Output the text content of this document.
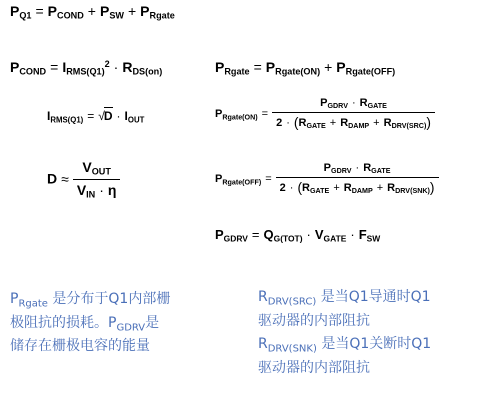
$P_{Q1} = P_{COND} + P_{SW} + P_{Rgate}$
$P_{COND} = I_{RMS(Q1)}^2 \cdot R_{DS(on)}$	$P_{Rgate} = P_{Rgate(ON)} + P_{Rgate(OFF)}$
$I_{RMS(Q1)} = √D \cdot I_{OUT}$	$P_{Rgate(ON)} = \frac{P_{GDRV} \cdot R_{GATE}}{2 \cdot (R_{GATE} + R_{DAMP} + R_{DRV(SRC)})}$
$D \approx \frac{V_{OUT}}{V_{IN} \cdot \eta}$	$P_{Rgate(OFF)} = \frac{P_{GDRV} \cdot R_{GATE}}{2 \cdot (R_{GATE} + R_{DAMP} + R_{DRV(SNK)})}$
$P_{GDRV} = Q_{G(TOT)} \cdot V_{GATE} \cdot F_{SW}$
$P_{Rgate}$ 是分布于Q1内部栅
极阻抗的损耗。$P_{GDRV}$是
储存在栅极电容的能量
$R_{DRV(SRC)}$ 是当Q1导通时Q1
驱动器的内部阻抗
$R_{DRV(SNK)}$ 是当Q1关断时Q1
驱动器的内部阻抗
